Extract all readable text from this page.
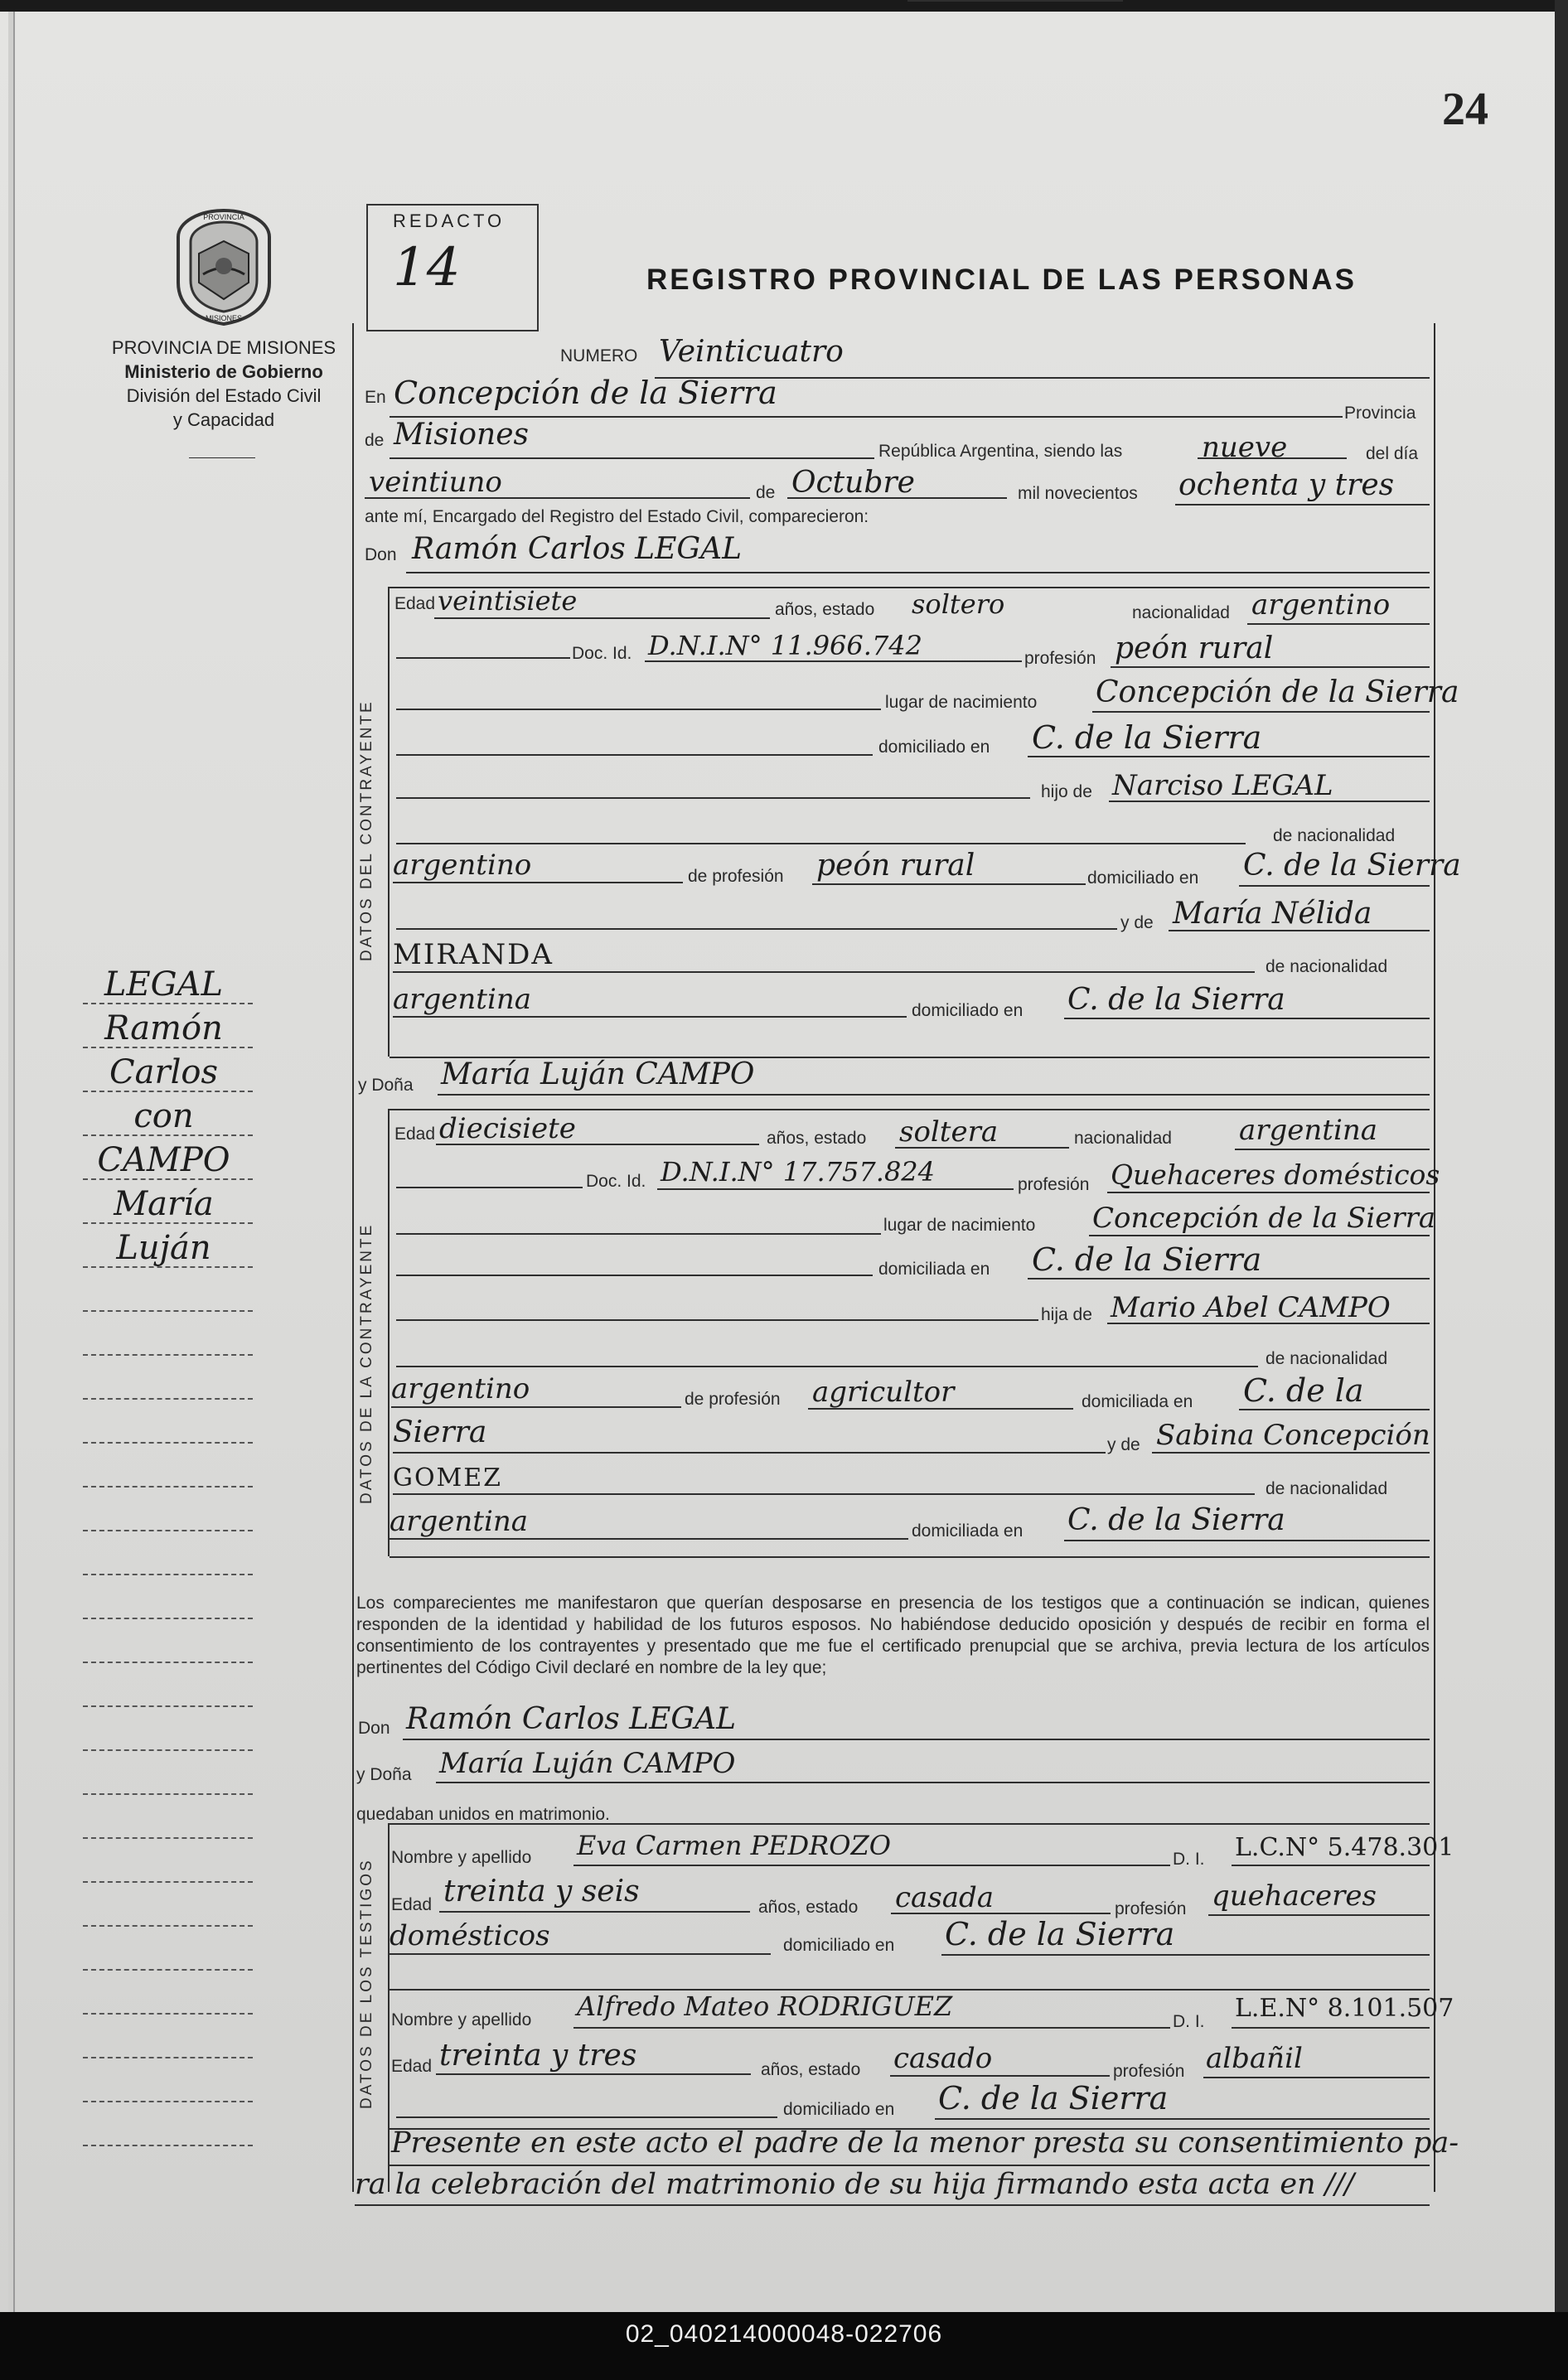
24
PROVINCIA
MISIONES
PROVINCIA DE MISIONES
Ministerio de Gobierno
División del Estado Civil
y Capacidad
REDACTO
14	REGISTRO PROVINCIAL DE LAS PERSONAS
LEGAL
Ramón
Carlos
con
CAMPO
María
Luján
NUMERO Veinticuatro
En Concepción de la Sierra
Provincia
de Misiones	República Argentina, siendo las	nueve	del día
veintiuno	de Octubre	mil novecientos ochenta y tres
ante mí, Encargado del Registro del Estado Civil, comparecieron:
Don Ramón Carlos LEGAL
DATOS DEL CONTRAYENTE
Edad veintisiete	años, estado soltero	nacionalidad argentino
Doc. Id. D.N.I.N° 11.966.742	profesión peón rural
lugar de nacimiento Concepción de la Sierra
domiciliado en C. de la Sierra
hijo de Narciso LEGAL
de nacionalidad
argentino	de profesión peón rural	domiciliado en C. de la Sierra
y de María Nélida
MIRANDA	de nacionalidad
argentina	domiciliado en C. de la Sierra
y Doña María Luján CAMPO
DATOS DE LA CONTRAYENTE
Edad diecisiete	años, estado soltera	nacionalidad argentina
Doc. Id. D.N.I.N° 17.757.824	profesión Quehaceres domésticos
lugar de nacimiento Concepción de la Sierra
domiciliada en C. de la Sierra
hija de Mario Abel CAMPO
de nacionalidad
argentino	de profesión agricultor	domiciliada en C. de la
Sierra	y de Sabina Concepción
GOMEZ	de nacionalidad
argentina	domiciliada en C. de la Sierra
Los comparecientes me manifestaron que querían desposarse en presencia de los testigos que a continuación se indican, quienes responden de la identidad y habilidad de los futuros esposos. No habiéndose deducido oposición y después de recibir en forma el consentimiento de los contrayentes y presentado que me fue el certificado prenupcial que se archiva, previa lectura de los artículos pertinentes del Código Civil declaré en nombre de la ley que;
Don Ramón Carlos LEGAL
y Doña María Luján CAMPO
quedaban unidos en matrimonio.
DATOS DE LOS TESTIGOS
Nombre y apellido Eva Carmen PEDROZO	D. I. L.C.N° 5.478.301
Edad treinta y seis	años, estado casada	profesión quehaceres
domésticos	domiciliado en C. de la Sierra
Nombre y apellido Alfredo Mateo RODRIGUEZ	D. I. L.E.N° 8.101.507
Edad treinta y tres	años, estado casado	profesión albañil
domiciliado en C. de la Sierra
Presente en este acto el padre de la menor presta su consentimiento pa-
ra la celebración del matrimonio de su hija firmando esta acta en ///
02_040214000048-022706
